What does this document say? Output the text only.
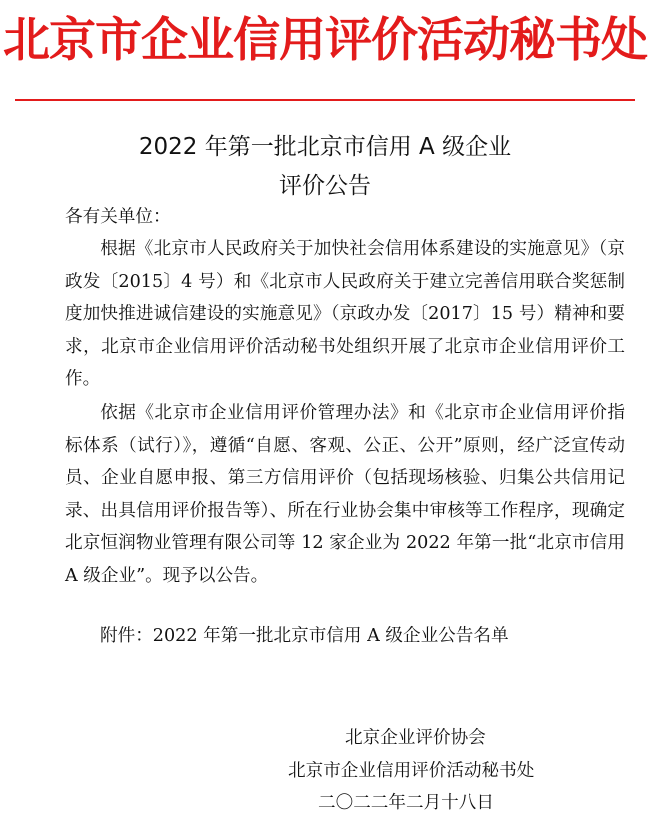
北京市企业信用评价活动秘书处
2022 年第一批北京市信用 A 级企业
评价公告
各有关单位：
根据《北京市人民政府关于加快社会信用体系建设的实施意见》（京政发〔2015〕4 号）和《北京市人民政府关于建立完善信用联合奖惩制度加快推进诚信建设的实施意见》（京政办发〔2017〕15 号）精神和要求，北京市企业信用评价活动秘书处组织开展了北京市企业信用评价工作。
依据《北京市企业信用评价管理办法》和《北京市企业信用评价指标体系（试行）》，遵循“自愿、客观、公正、公开”原则，经广泛宣传动员、企业自愿申报、第三方信用评价（包括现场核验、归集公共信用记录、出具信用评价报告等）、所在行业协会集中审核等工作程序，现确定北京恒润物业管理有限公司等 12 家企业为 2022 年第一批“北京市信用 A 级企业”。现予以公告。
附件：2022 年第一批北京市信用 A 级企业公告名单
北京企业评价协会
北京市企业信用评价活动秘书处
二〇二二年二月十八日
